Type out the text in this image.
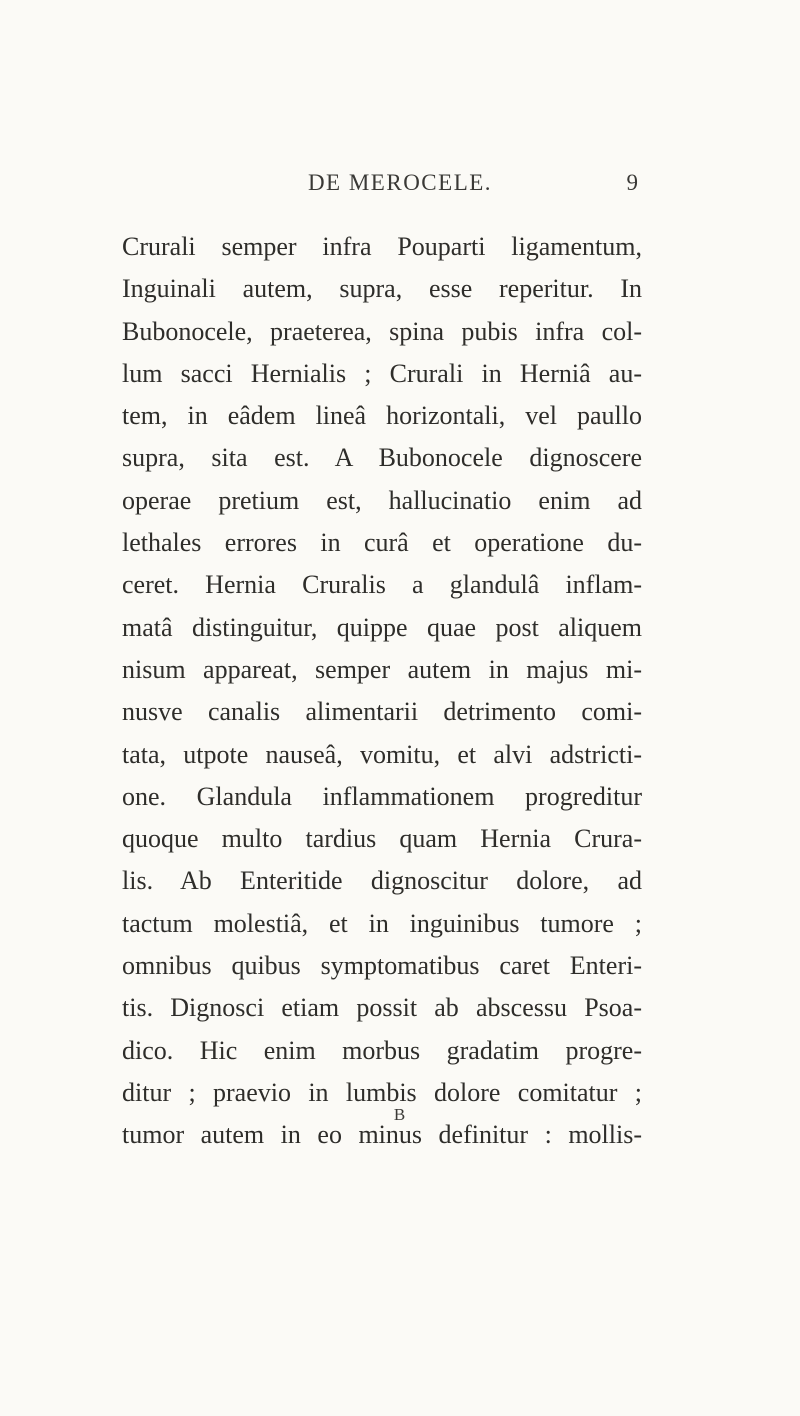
DE MEROCELE.	9
Crurali semper infra Pouparti ligamentum,
Inguinali autem, supra, esse reperitur. In
Bubonocele, praeterea, spina pubis infra col-
lum sacci Hernialis ; Crurali in Herniâ au-
tem, in eâdem lineâ horizontali, vel paullo
supra, sita est. A Bubonocele dignoscere
operae pretium est, hallucinatio enim ad
lethales errores in curâ et operatione du-
ceret. Hernia Cruralis a glandulâ inflam-
matâ distinguitur, quippe quae post aliquem
nisum appareat, semper autem in majus mi-
nusve canalis alimentarii detrimento comi-
tata, utpote nauseâ, vomitu, et alvi adstricti-
one. Glandula inflammationem progreditur
quoque multo tardius quam Hernia Crura-
lis. Ab Enteritide dignoscitur dolore, ad
tactum molestiâ, et in inguinibus tumore ;
omnibus quibus symptomatibus caret Enteri-
tis. Dignosci etiam possit ab abscessu Psoa-
dico. Hic enim morbus gradatim progre-
ditur ; praevio in lumbis dolore comitatur ;
tumor autem in eo minus definitur : mollis-
B
